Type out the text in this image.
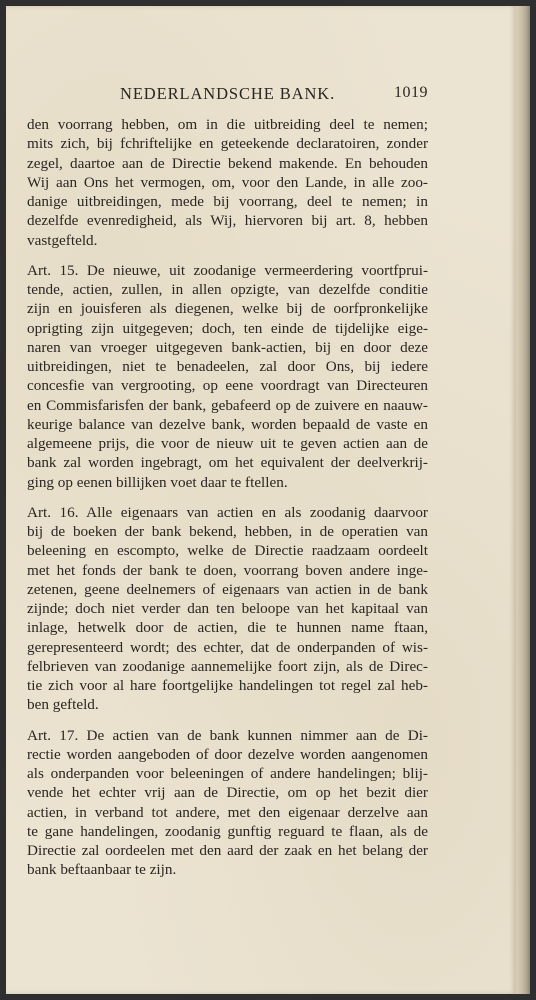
NEDERLANDSCHE BANK.	1019
den voorrang hebben, om in die uitbreiding deel te nemen;
mits zich, bij fchriftelijke en geteekende declaratoiren, zonder
zegel, daartoe aan de Directie bekend makende. En behouden
Wij aan Ons het vermogen, om, voor den Lande, in alle zoo-
danige uitbreidingen, mede bij voorrang, deel te nemen; in
dezelfde evenredigheid, als Wij, hiervoren bij art. 8, hebben
vastgefteld.
Art. 15. De nieuwe, uit zoodanige vermeerdering voortfprui-
tende, actien, zullen, in allen opzigte, van dezelfde conditie
zijn en jouisferen als diegenen, welke bij de oorfpronkelijke
oprigting zijn uitgegeven; doch, ten einde de tijdelijke eige-
naren van vroeger uitgegeven bank-actien, bij en door deze
uitbreidingen, niet te benadeelen, zal door Ons, bij iedere
concesfie van vergrooting, op eene voordragt van Directeuren
en Commisfarisfen der bank, gebafeerd op de zuivere en naauw-
keurige balance van dezelve bank, worden bepaald de vaste en
algemeene prijs, die voor de nieuw uit te geven actien aan de
bank zal worden ingebragt, om het equivalent der deelverkrij-
ging op eenen billijken voet daar te ftellen.
Art. 16. Alle eigenaars van actien en als zoodanig daarvoor
bij de boeken der bank bekend, hebben, in de operatien van
beleening en escompto, welke de Directie raadzaam oordeelt
met het fonds der bank te doen, voorrang boven andere inge-
zetenen, geene deelnemers of eigenaars van actien in de bank
zijnde; doch niet verder dan ten beloope van het kapitaal van
inlage, hetwelk door de actien, die te hunnen name ftaan,
gerepresenteerd wordt; des echter, dat de onderpanden of wis-
felbrieven van zoodanige aannemelijke foort zijn, als de Direc-
tie zich voor al hare foortgelijke handelingen tot regel zal heb-
ben gefteld.
Art. 17. De actien van de bank kunnen nimmer aan de Di-
rectie worden aangeboden of door dezelve worden aangenomen
als onderpanden voor beleeningen of andere handelingen; blij-
vende het echter vrij aan de Directie, om op het bezit dier
actien, in verband tot andere, met den eigenaar derzelve aan
te gane handelingen, zoodanig gunftig reguard te flaan, als de
Directie zal oordeelen met den aard der zaak en het belang der
bank beftaanbaar te zijn.
